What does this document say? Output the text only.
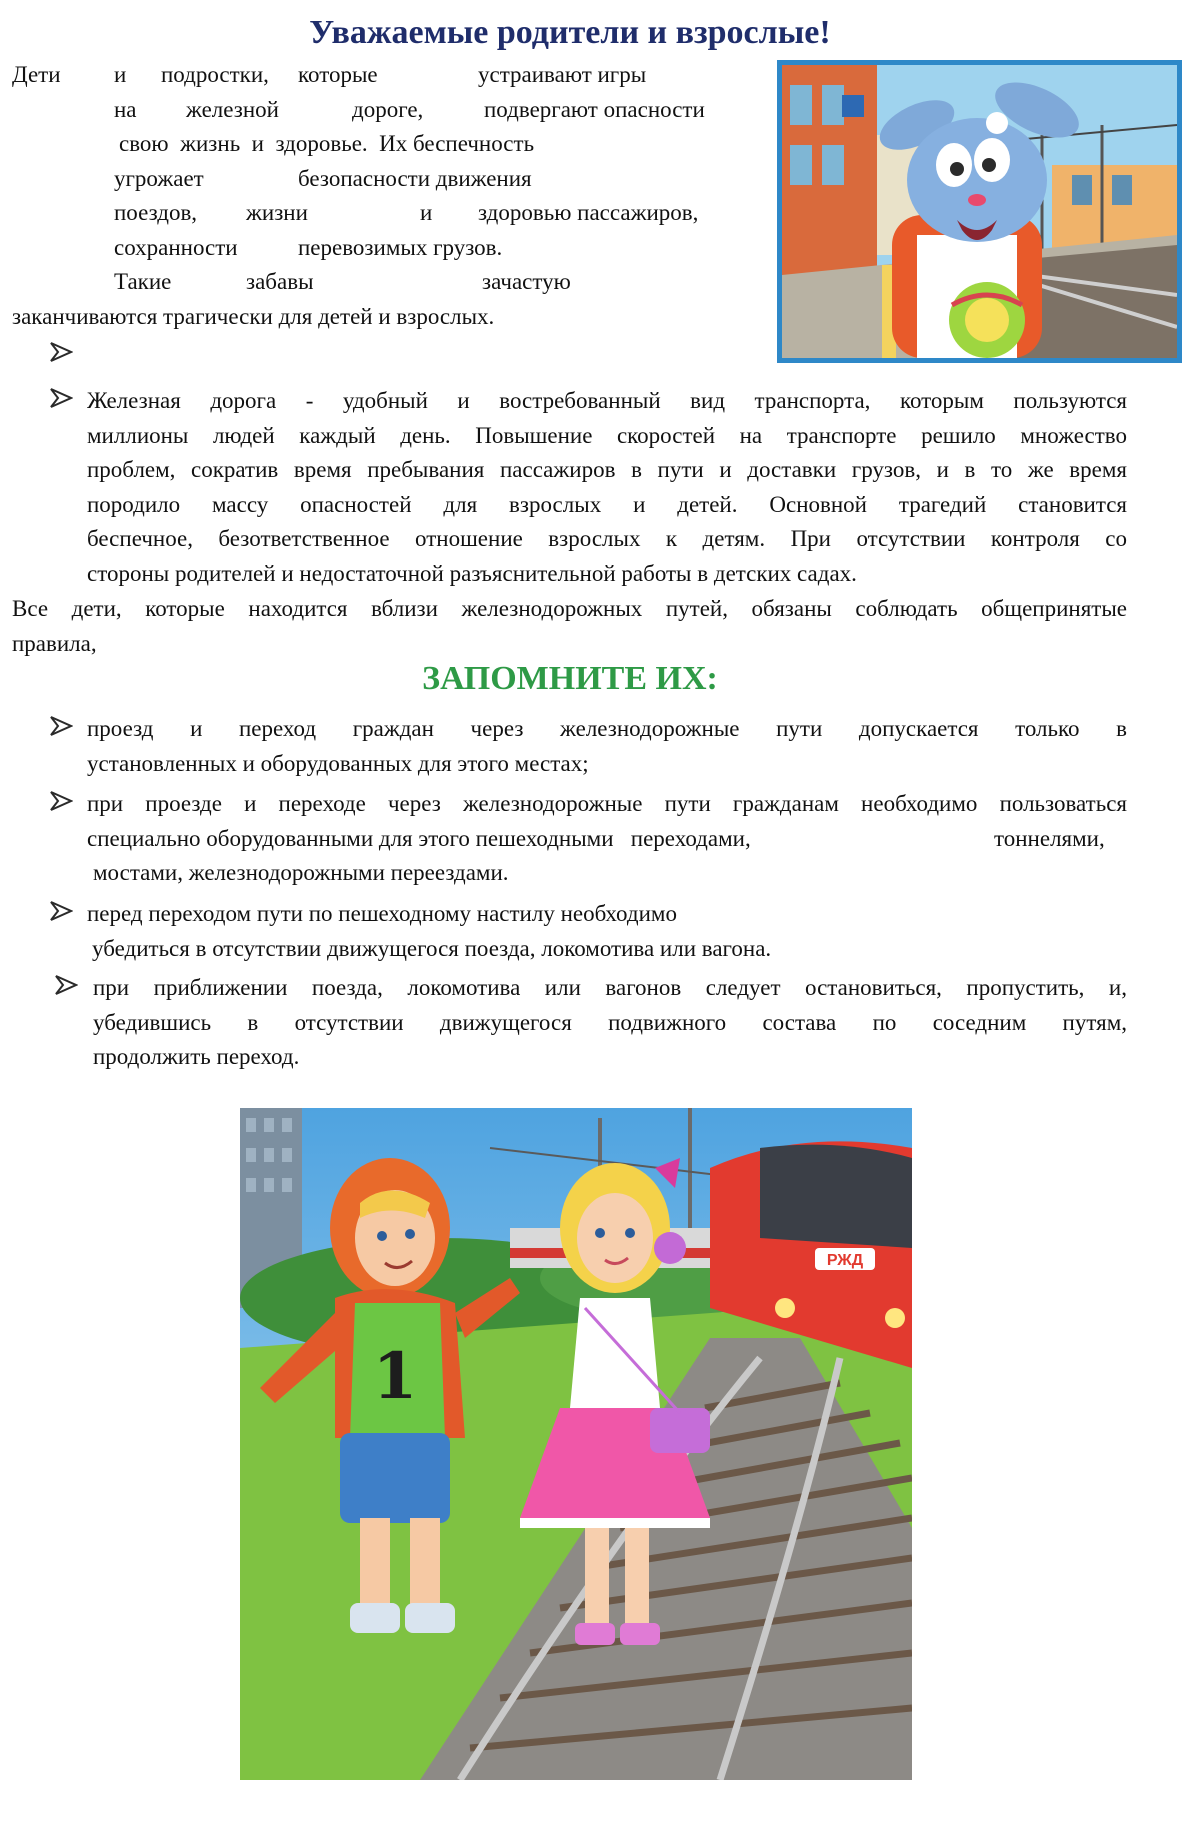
Уважаемые родители и взрослые!
Дети и подростки, которые	устраивают игры
на железной	дороге,	подвергают опасности
свою  жизнь  и  здоровье.  Их беспечность
угрожает	безопасности движения
поездов, жизни	и здоровью пассажиров,
сохранности	перевозимых грузов.
Такие	забавы	зачастую
заканчиваются трагически для детей и взрослых.
Железная дорога - удобный и востребованный вид транспорта, которым пользуются
миллионы людей каждый день. Повышение скоростей на транспорте решило множество
проблем, сократив время пребывания пассажиров в пути и доставки грузов, и в то же время
породило массу опасностей для взрослых и детей. Основной трагедий становится
беспечное, безответственное отношение взрослых к детям. При отсутствии контроля со
стороны родителей и недостаточной разъяснительной работы в детских садах.
Все дети, которые находится вблизи железнодорожных путей, обязаны соблюдать общепринятые
правила,
ЗАПОМНИТЕ ИХ:
проезд  и  переход  граждан  через  железнодорожные  пути  допускается  только  в
установленных и оборудованных для этого местах;
при проезде и переходе через железнодорожные пути гражданам необходимо пользоваться
специально оборудованными для этого пешеходными   переходами,	тоннелями,
мостами, железнодорожными переездами.
перед переходом пути по пешеходному настилу необходимо
убедиться в отсутствии движущегося поезда, локомотива или вагона.
при приближении поезда, локомотива или вагонов следует остановиться, пропустить, и,
убедившись  в  отсутствии  движущегося  подвижного  состава  по  соседним  путям,
продолжить переход.
РЖД
1
